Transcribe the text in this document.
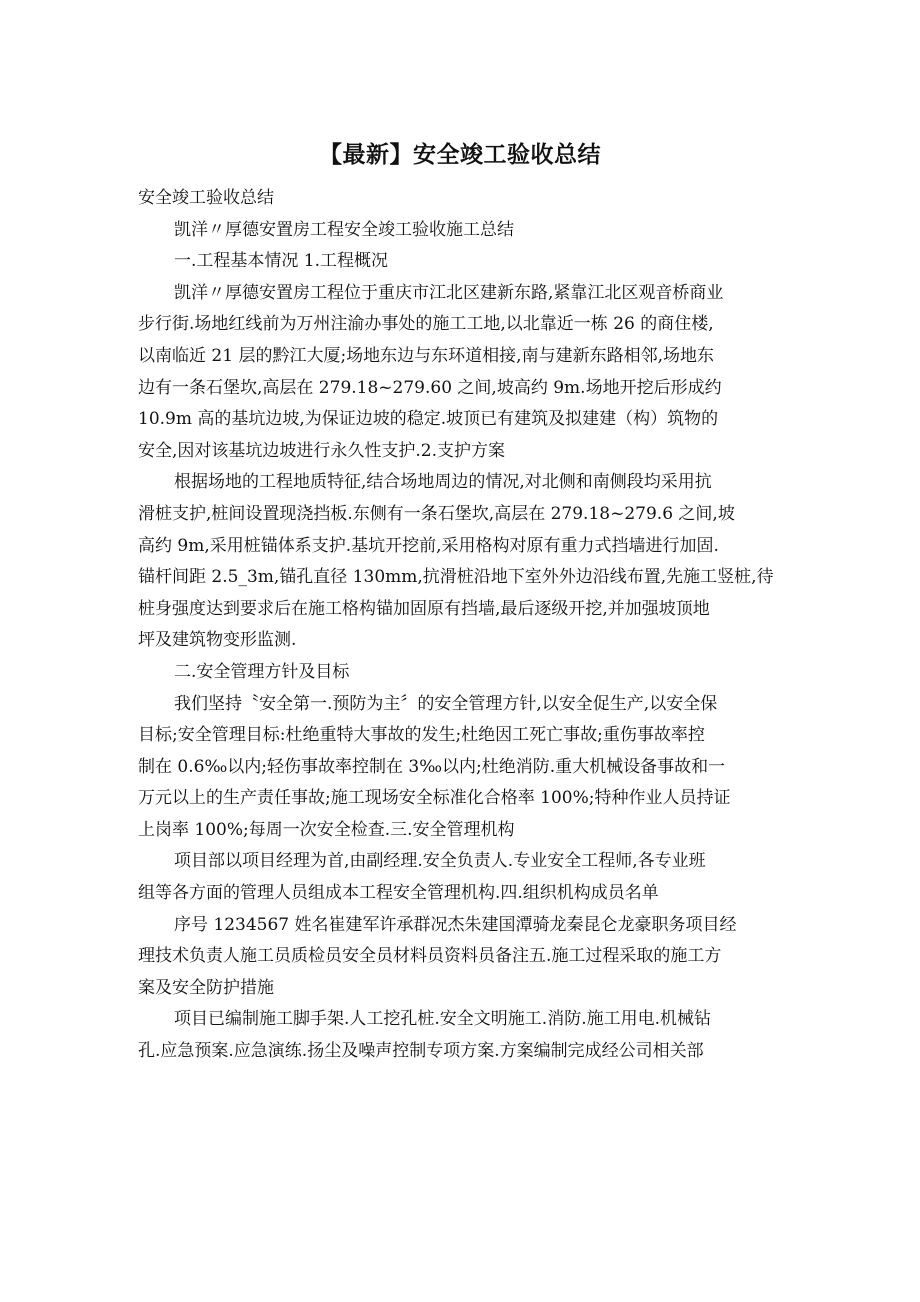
【最新】安全竣工验收总结
安全竣工验收总结
凯洋〃厚德安置房工程安全竣工验收施工总结
一.工程基本情况 1.工程概况
凯洋〃厚德安置房工程位于重庆市江北区建新东路,紧靠江北区观音桥商业
步行街.场地红线前为万州注渝办事处的施工工地,以北靠近一栋 26 的商住楼,
以南临近 21 层的黔江大厦;场地东边与东环道相接,南与建新东路相邻,场地东
边有一条石堡坎,高层在 279.18~279.60 之间,坡高约 9m.场地开挖后形成约
10.9m 高的基坑边坡,为保证边坡的稳定.坡顶已有建筑及拟建建（构）筑物的
安全,因对该基坑边坡进行永久性支护.2.支护方案
根据场地的工程地质特征,结合场地周边的情况,对北侧和南侧段均采用抗
滑桩支护,桩间设置现浇挡板.东侧有一条石堡坎,高层在 279.18~279.6 之间,坡
高约 9m,采用桩锚体系支护.基坑开挖前,采用格构对原有重力式挡墙进行加固.
锚杆间距 2.5_3m,锚孔直径 130mm,抗滑桩沿地下室外外边沿线布置,先施工竖桩,待
桩身强度达到要求后在施工格构锚加固原有挡墙,最后逐级开挖,并加强坡顶地
坪及建筑物变形监测.
二.安全管理方针及目标
我们坚持〝安全第一.预防为主〞的安全管理方针,以安全促生产,以安全保
目标;安全管理目标:杜绝重特大事故的发生;杜绝因工死亡事故;重伤事故率控
制在 0.6‰以内;轻伤事故率控制在 3‰以内;杜绝消防.重大机械设备事故和一
万元以上的生产责任事故;施工现场安全标准化合格率 100%;特种作业人员持证
上岗率 100%;每周一次安全检查.三.安全管理机构
项目部以项目经理为首,由副经理.安全负责人.专业安全工程师,各专业班
组等各方面的管理人员组成本工程安全管理机构.四.组织机构成员名单
序号 1234567 姓名崔建军许承群况杰朱建国潭骑龙秦昆仑龙豪职务项目经
理技术负责人施工员质检员安全员材料员资料员备注五.施工过程采取的施工方
案及安全防护措施
项目已编制施工脚手架.人工挖孔桩.安全文明施工.消防.施工用电.机械钻
孔.应急预案.应急演练.扬尘及噪声控制专项方案.方案编制完成经公司相关部
